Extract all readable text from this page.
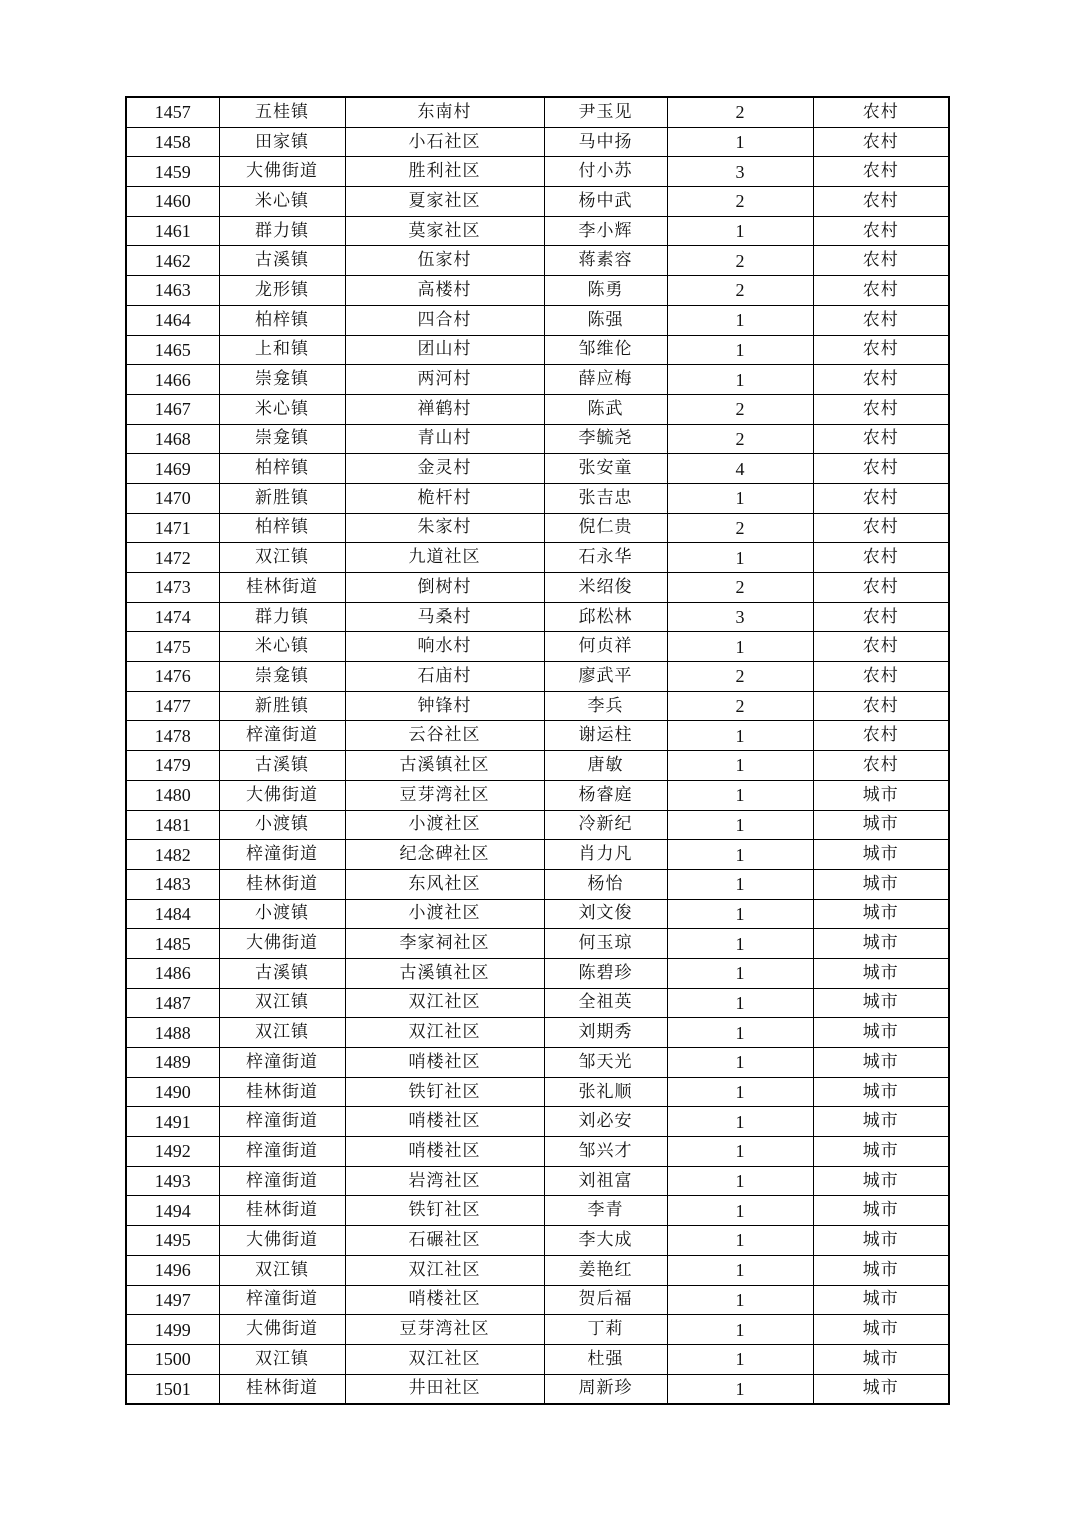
1457	五桂镇	东南村	尹玉见	2	农村
1458	田家镇	小石社区	马中扬	1	农村
1459	大佛街道	胜利社区	付小苏	3	农村
1460	米心镇	夏家社区	杨中武	2	农村
1461	群力镇	莫家社区	李小辉	1	农村
1462	古溪镇	伍家村	蒋素容	2	农村
1463	龙形镇	高楼村	陈勇	2	农村
1464	柏梓镇	四合村	陈强	1	农村
1465	上和镇	团山村	邹维伦	1	农村
1466	崇龛镇	两河村	薛应梅	1	农村
1467	米心镇	禅鹤村	陈武	2	农村
1468	崇龛镇	青山村	李毓尧	2	农村
1469	柏梓镇	金灵村	张安童	4	农村
1470	新胜镇	桅杆村	张吉忠	1	农村
1471	柏梓镇	朱家村	倪仁贵	2	农村
1472	双江镇	九道社区	石永华	1	农村
1473	桂林街道	倒树村	米绍俊	2	农村
1474	群力镇	马桑村	邱松林	3	农村
1475	米心镇	响水村	何贞祥	1	农村
1476	崇龛镇	石庙村	廖武平	2	农村
1477	新胜镇	钟锋村	李兵	2	农村
1478	梓潼街道	云谷社区	谢运柱	1	农村
1479	古溪镇	古溪镇社区	唐敏	1	农村
1480	大佛街道	豆芽湾社区	杨睿庭	1	城市
1481	小渡镇	小渡社区	冷新纪	1	城市
1482	梓潼街道	纪念碑社区	肖力凡	1	城市
1483	桂林街道	东风社区	杨怡	1	城市
1484	小渡镇	小渡社区	刘文俊	1	城市
1485	大佛街道	李家祠社区	何玉琼	1	城市
1486	古溪镇	古溪镇社区	陈碧珍	1	城市
1487	双江镇	双江社区	全祖英	1	城市
1488	双江镇	双江社区	刘期秀	1	城市
1489	梓潼街道	哨楼社区	邹天光	1	城市
1490	桂林街道	铁钉社区	张礼顺	1	城市
1491	梓潼街道	哨楼社区	刘必安	1	城市
1492	梓潼街道	哨楼社区	邹兴才	1	城市
1493	梓潼街道	岩湾社区	刘祖富	1	城市
1494	桂林街道	铁钉社区	李青	1	城市
1495	大佛街道	石碾社区	李大成	1	城市
1496	双江镇	双江社区	姜艳红	1	城市
1497	梓潼街道	哨楼社区	贺后福	1	城市
1499	大佛街道	豆芽湾社区	丁莉	1	城市
1500	双江镇	双江社区	杜强	1	城市
1501	桂林街道	井田社区	周新珍	1	城市
